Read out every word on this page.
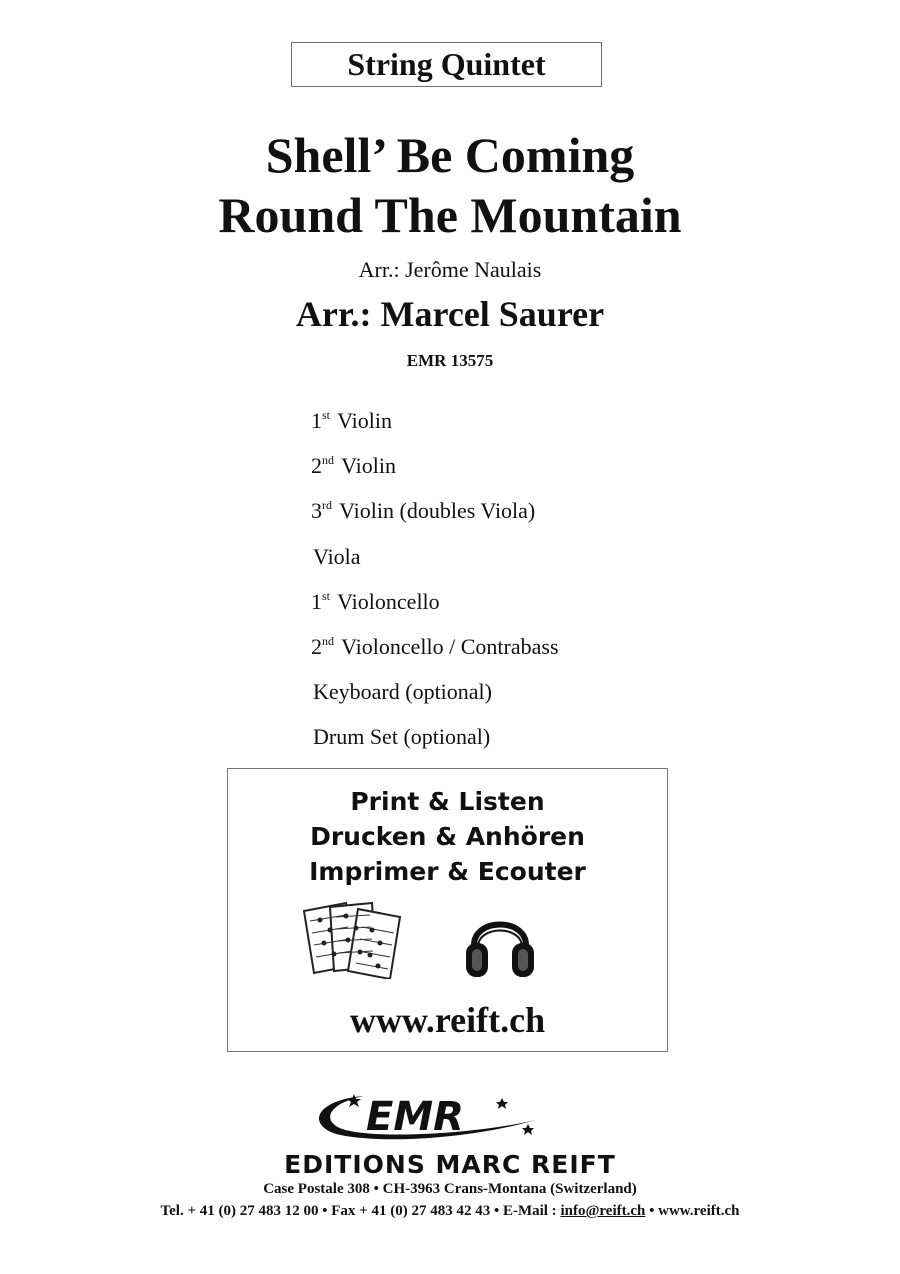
String Quintet
Shell’ Be Coming
Round The Mountain
Arr.: Jerôme Naulais
Arr.: Marcel Saurer
EMR 13575
1st Violin
2nd Violin
3rd Violin (doubles Viola)
Viola
1st Violoncello
2nd Violoncello / Contrabass
Keyboard (optional)
Drum Set (optional)
Print & Listen
Drucken & Anhören
Imprimer & Ecouter
www.reift.ch
EMR
EDITIONS MARC REIFT
Case Postale 308 • CH-3963 Crans-Montana (Switzerland)
Tel. + 41 (0) 27 483 12 00 • Fax + 41 (0) 27 483 42 43 • E-Mail : info@reift.ch • www.reift.ch
